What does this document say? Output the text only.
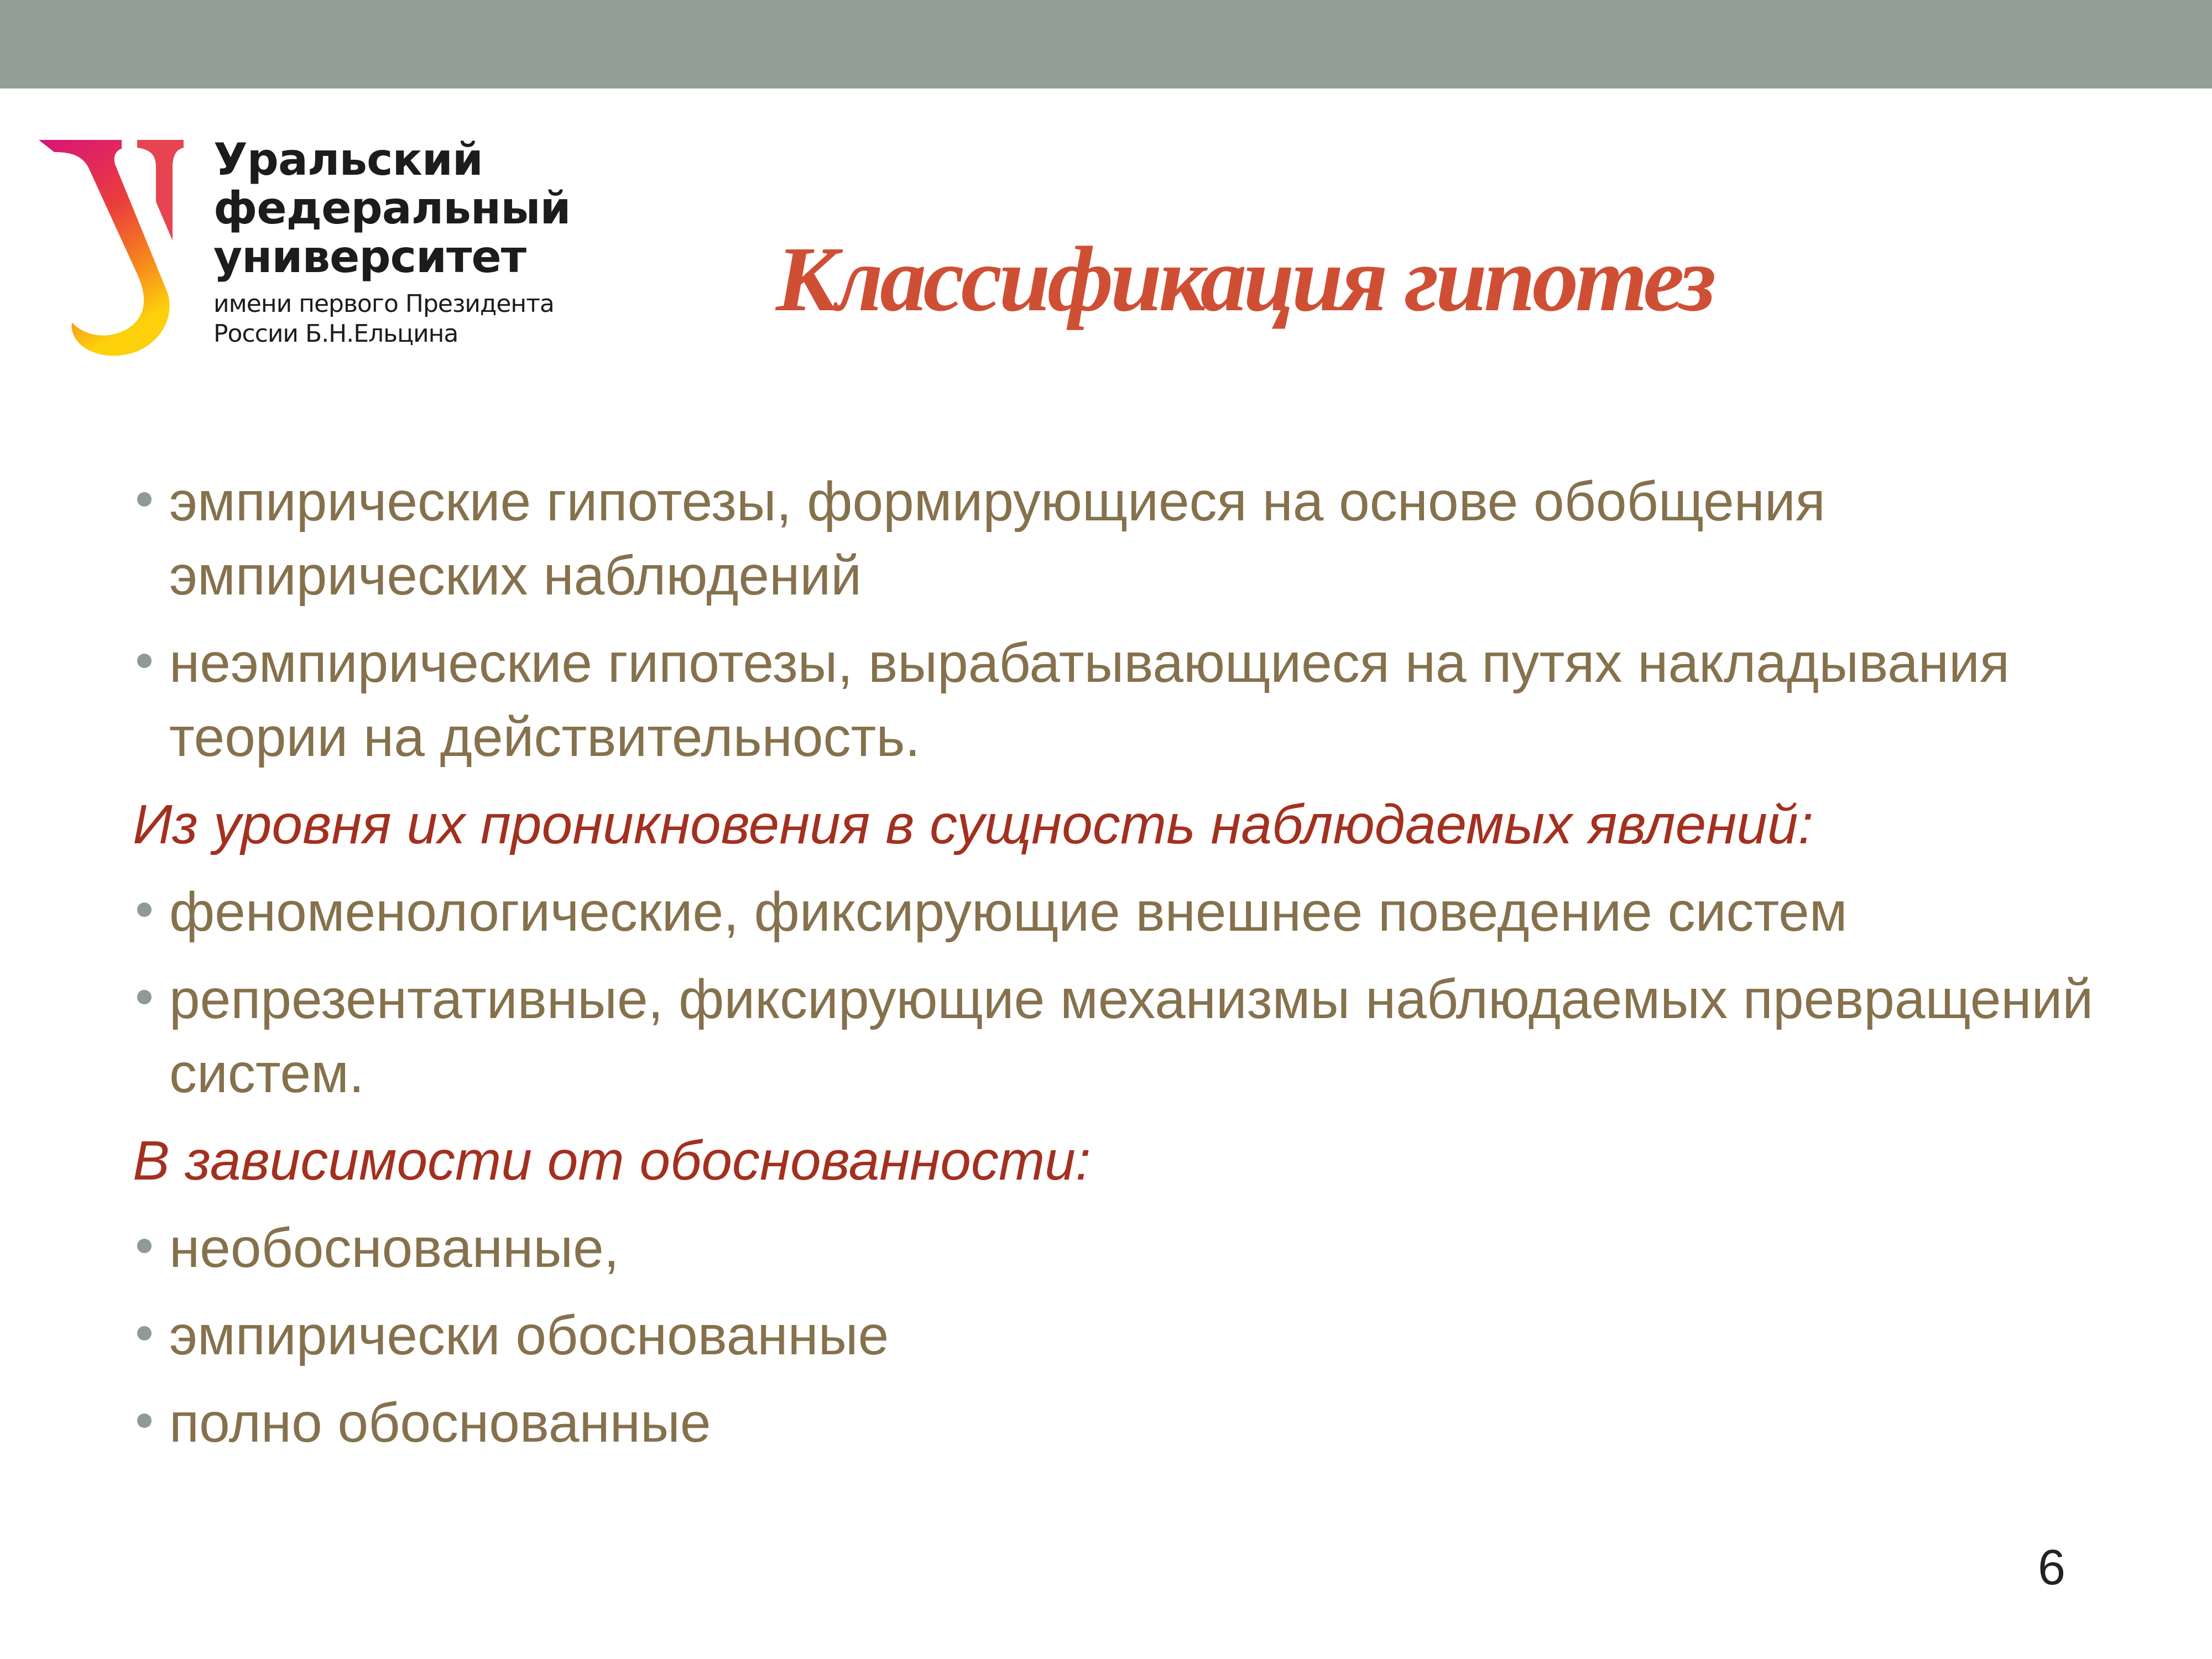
Уральский
федеральный
университет
имени первого Президента
России Б.Н.Ельцина
Классификация гипотез
эмпирические гипотезы, формирующиеся на основе обобщения эмпирических наблюдений
неэмпирические гипотезы, вырабатывающиеся на путях накладывания теории на действительность.
Из уровня их проникновения в сущность наблюдаемых явлений:
феноменологические, фиксирующие внешнее поведение систем
репрезентативные, фиксирующие механизмы наблюдаемых превращений систем.
В зависимости от обоснованности:
необоснованные,
эмпирически обоснованные
полно обоснованные
6
